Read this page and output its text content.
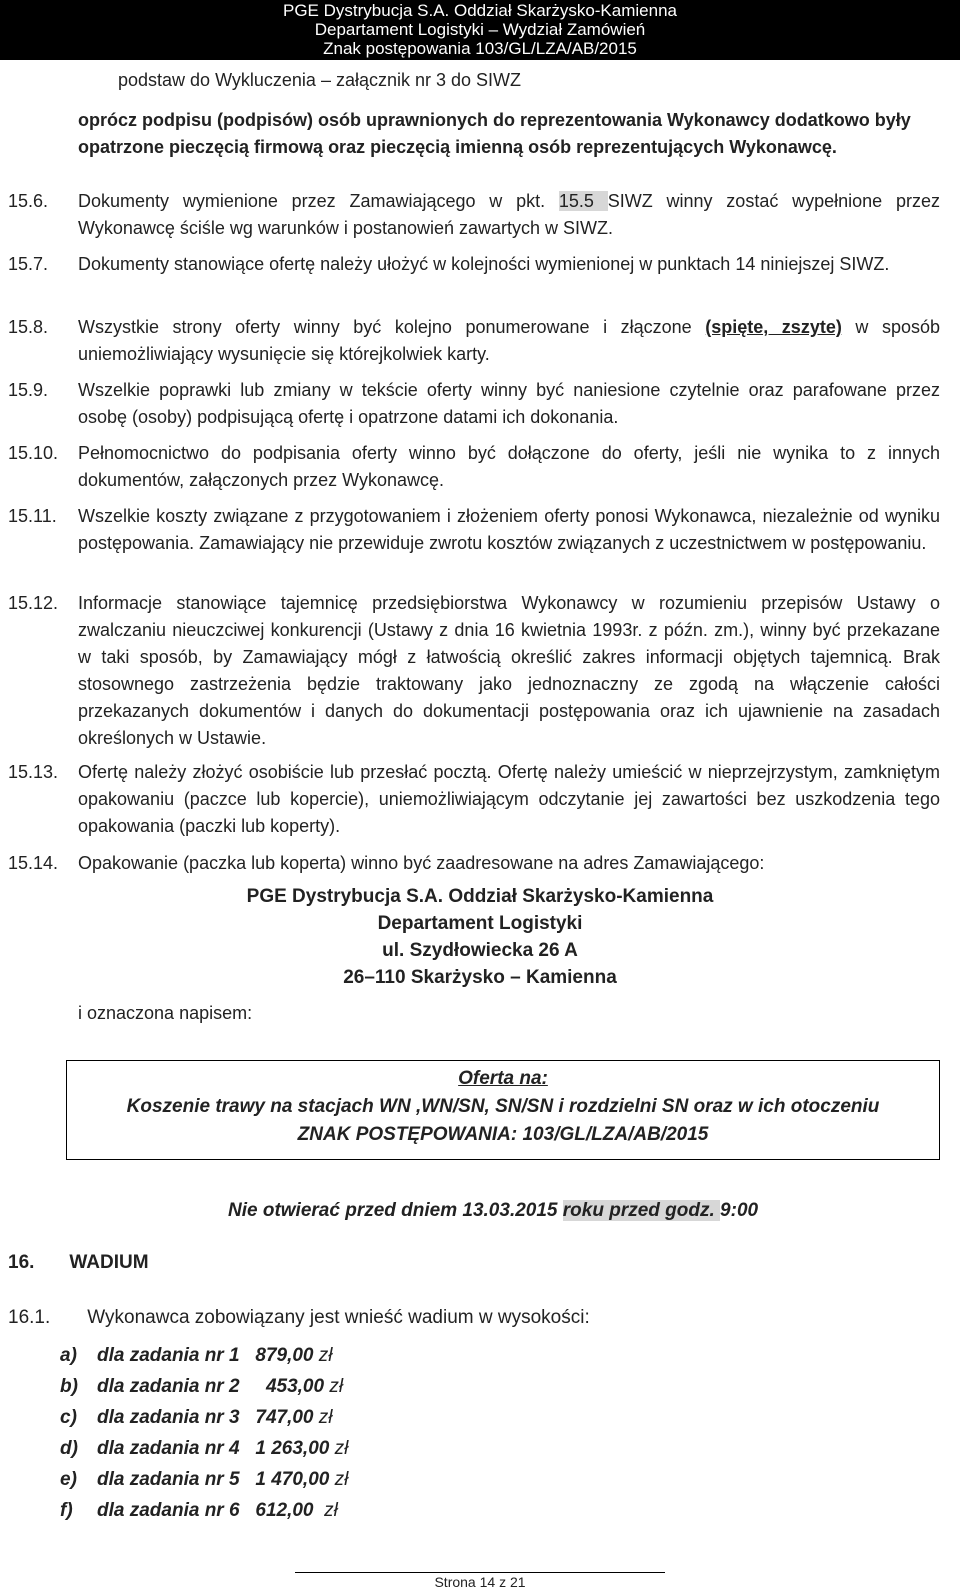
PGE Dystrybucja S.A. Oddział Skarżysko-Kamienna
Departament Logistyki – Wydział Zamówień
Znak postępowania 103/GL/LZA/AB/2015
podstaw do Wykluczenia – załącznik nr 3 do SIWZ
oprócz podpisu (podpisów) osób uprawnionych do reprezentowania Wykonawcy dodatkowo były opatrzone pieczęcią firmową oraz pieczęcią imienną osób reprezentujących Wykonawcę.
15.6. Dokumenty wymienione przez Zamawiającego w pkt. 15.5 SIWZ winny zostać wypełnione przez Wykonawcę ściśle wg warunków i postanowień zawartych w SIWZ.
15.7. Dokumenty stanowiące ofertę należy ułożyć w kolejności wymienionej w punktach 14 niniejszej SIWZ.
15.8. Wszystkie strony oferty winny być kolejno ponumerowane i złączone (spięte, zszyte) w sposób uniemożliwiający wysunięcie się którejkolwiek karty.
15.9. Wszelkie poprawki lub zmiany w tekście oferty winny być naniesione czytelnie oraz parafowane przez osobę (osoby) podpisującą ofertę i opatrzone datami ich dokonania.
15.10. Pełnomocnictwo do podpisania oferty winno być dołączone do oferty, jeśli nie wynika to z innych dokumentów, załączonych przez Wykonawcę.
15.11. Wszelkie koszty związane z przygotowaniem i złożeniem oferty ponosi Wykonawca, niezależnie od wyniku postępowania. Zamawiający nie przewiduje zwrotu kosztów związanych z uczestnictwem w postępowaniu.
15.12. Informacje stanowiące tajemnicę przedsiębiorstwa Wykonawcy w rozumieniu przepisów Ustawy o zwalczaniu nieuczciwej konkurencji (Ustawy z dnia 16 kwietnia 1993r. z późn. zm.), winny być przekazane w taki sposób, by Zamawiający mógł z łatwością określić zakres informacji objętych tajemnicą. Brak stosownego zastrzeżenia będzie traktowany jako jednoznaczny ze zgodą na włączenie całości przekazanych dokumentów i danych do dokumentacji postępowania oraz ich ujawnienie na zasadach określonych w Ustawie.
15.13. Ofertę należy złożyć osobiście lub przesłać pocztą. Ofertę należy umieścić w nieprzejrzystym, zamkniętym opakowaniu (paczce lub kopercie), uniemożliwiającym odczytanie jej zawartości bez uszkodzenia tego opakowania (paczki lub koperty).
15.14. Opakowanie (paczka lub koperta) winno być zaadresowane na adres Zamawiającego:
PGE Dystrybucja S.A. Oddział Skarżysko-Kamienna
Departament Logistyki
ul. Szydłowiecka 26 A
26–110 Skarżysko – Kamienna
i oznaczona napisem:
Oferta na:
Koszenie trawy na stacjach WN ,WN/SN, SN/SN i rozdzielni SN oraz w ich otoczeniu
ZNAK POSTĘPOWANIA: 103/GL/LZA/AB/2015
Nie otwierać przed dniem 13.03.2015 roku przed godz. 9:00
16. WADIUM
16.1. Wykonawca zobowiązany jest wnieść wadium w wysokości:
a) dla zadania nr 1 879,00 zł
b) dla zadania nr 2 453,00 zł
c) dla zadania nr 3 747,00 zł
d) dla zadania nr 4 1 263,00 zł
e) dla zadania nr 5 1 470,00 zł
f) dla zadania nr 6 612,00 zł
Strona 14 z 21
